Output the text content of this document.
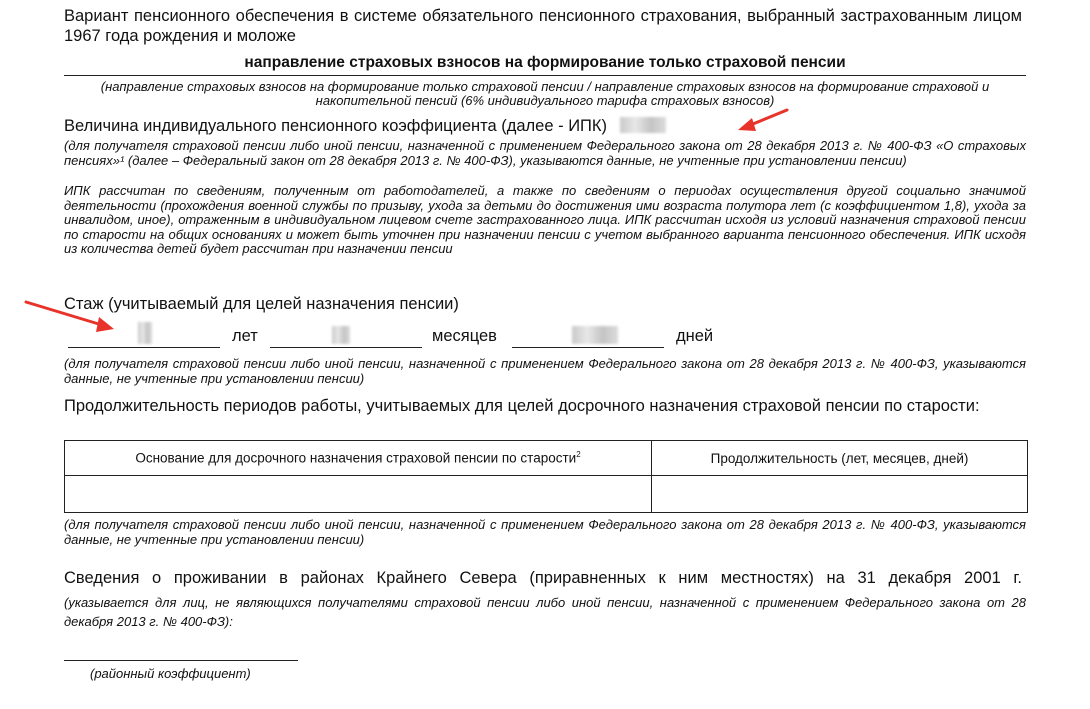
Вариант пенсионного обеспечения в системе обязательного пенсионного страхования, выбранный застрахованным лицом 1967 года рождения и моложе
направление страховых взносов на формирование только страховой пенсии
(направление страховых взносов на формирование только страховой пенсии / направление страховых взносов на формирование страховой и накопительной пенсий (6% индивидуального тарифа страховых взносов)
Величина индивидуального пенсионного коэффициента (далее - ИПК)
(для получателя страховой пенсии либо иной пенсии, назначенной с применением Федерального закона от 28 декабря 2013 г. № 400-ФЗ «О страховых пенсиях»¹ (далее – Федеральный закон от 28 декабря 2013 г. № 400-ФЗ), указываются данные, не учтенные при установлении пенсии)
ИПК рассчитан по сведениям, полученным от работодателей, а также по сведениям о периодах осуществления другой социально значимой деятельности (прохождения военной службы по призыву, ухода за детьми до достижения ими возраста полутора лет (с коэффициентом 1,8), ухода за инвалидом, иное), отраженным в индивидуальном лицевом счете застрахованного лица. ИПК рассчитан исходя из условий назначения страховой пенсии по старости на общих основаниях и может быть уточнен при назначении пенсии с учетом выбранного варианта пенсионного обеспечения. ИПК исходя из количества детей будет рассчитан при назначении пенсии
Стаж (учитываемый для целей назначения пенсии)
лет	месяцев	дней
(для получателя страховой пенсии либо иной пенсии, назначенной с применением Федерального закона от 28 декабря 2013 г. № 400-ФЗ, указываются данные, не учтенные при установлении пенсии)
Продолжительность периодов работы, учитываемых для целей досрочного назначения страховой пенсии по старости:
Основание для досрочного назначения страховой пенсии по старости$^2$	Продолжительность (лет, месяцев, дней)

(для получателя страховой пенсии либо иной пенсии, назначенной с применением Федерального закона от 28 декабря 2013 г. № 400-ФЗ, указываются данные, не учтенные при установлении пенсии)
Сведения о проживании в районах Крайнего Севера (приравненных к ним местностях) на 31 декабря 2001 г.
(указывается для лиц, не являющихся получателями страховой пенсии либо иной пенсии, назначенной с применением Федерального закона от 28 декабря 2013 г. № 400-ФЗ):
(районный коэффициент)
